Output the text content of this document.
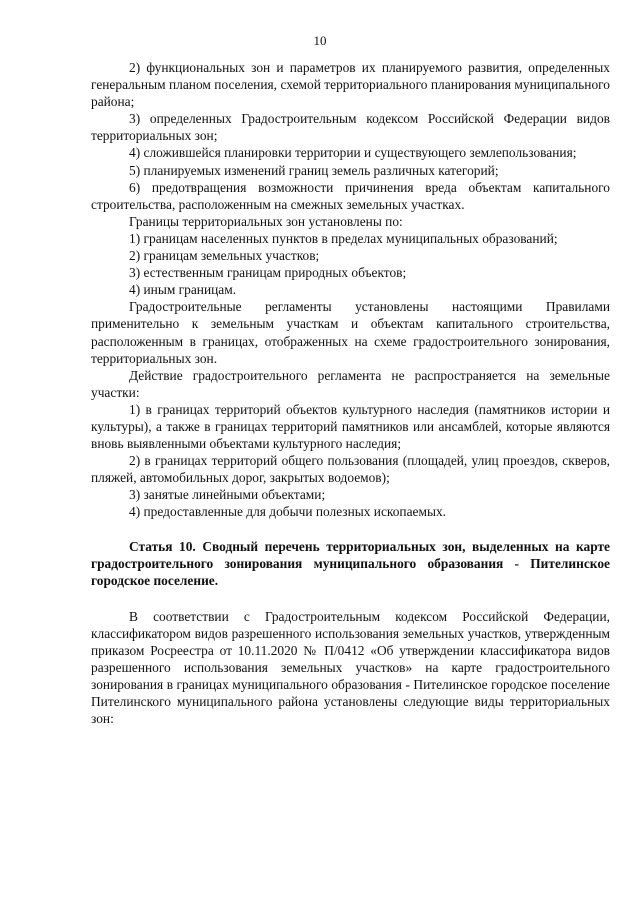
10

2) функциональных зон и параметров их планируемого развития, определенных генеральным планом поселения, схемой территориального планирования муниципального района;

3) определенных Градостроительным кодексом Российской Федерации видов территориальных зон;

4) сложившейся планировки территории и существующего землепользования;

5) планируемых изменений границ земель различных категорий;

6) предотвращения возможности причинения вреда объектам капитального строительства, расположенным на смежных земельных участках.

Границы территориальных зон установлены по:

1) границам населенных пунктов в пределах муниципальных образований;

2) границам земельных участков;

3) естественным границам природных объектов;

4) иным границам.

Градостроительные регламенты установлены настоящими Правилами применительно к земельным участкам и объектам капитального строительства, расположенным в границах, отображенных на схеме градостроительного зонирования, территориальных зон.

Действие градостроительного регламента не распространяется на земельные участки:

1) в границах территорий объектов культурного наследия (памятников истории и культуры), а также в границах территорий памятников или ансамблей, которые являются вновь выявленными объектами культурного наследия;

2) в границах территорий общего пользования (площадей, улиц проездов, скверов, пляжей, автомобильных дорог, закрытых водоемов);

3) занятые линейными объектами;

4) предоставленные для добычи полезных ископаемых.

Статья 10. Сводный перечень территориальных зон, выделенных на карте градостроительного зонирования муниципального образования - Пителинское городское поселение.

В соответствии с Градостроительным кодексом Российской Федерации, классификатором видов разрешенного использования земельных участков, утвержденным приказом Росреестра от 10.11.2020 № П/0412 «Об утверждении классификатора видов разрешенного использования земельных участков» на карте градостроительного зонирования в границах муниципального образования - Пителинское городское поселение Пителинского муниципального района установлены следующие виды территориальных зон:
